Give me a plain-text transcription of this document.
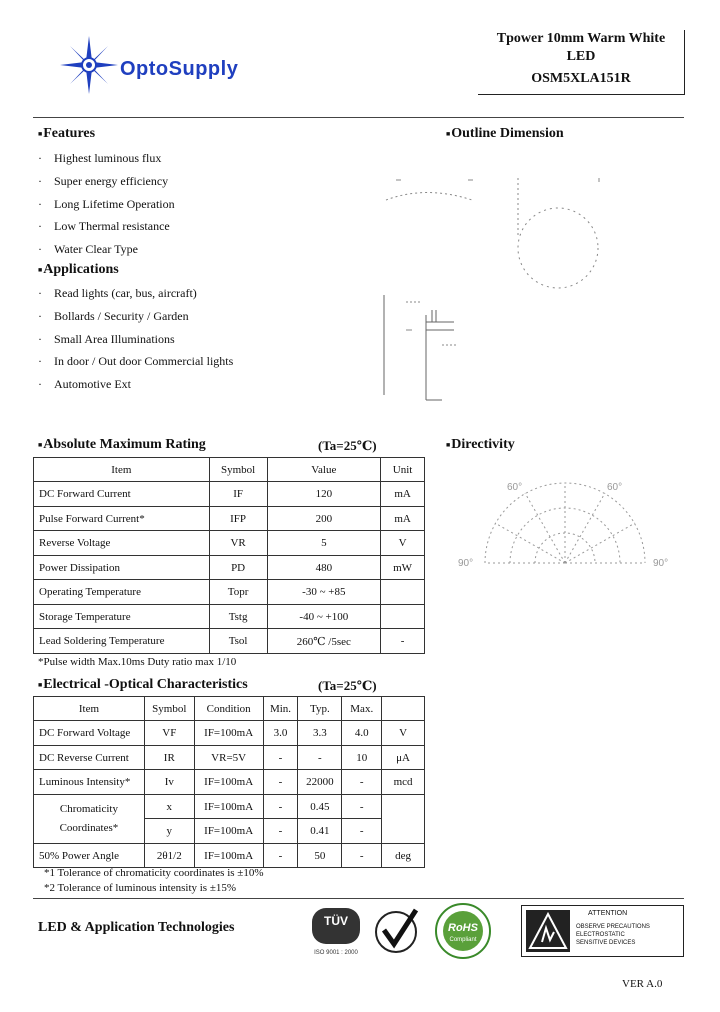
OptoSupply
Tpower 10mm Warm White
LED
OSM5XLA151R
■Features
· Highest luminous flux
· Super energy efficiency
· Long Lifetime Operation
· Low Thermal resistance
· Water Clear Type
■Applications
· Read lights (car, bus, aircraft)
· Bollards / Security / Garden
· Small Area Illuminations
· In door / Out door Commercial lights
· Automotive Ext
■Outline Dimension
■Absolute Maximum Rating	(Ta=25℃)
Item	Symbol	Value	Unit
DC Forward Current	IF	120	mA
Pulse Forward Current*	IFP	200	mA
Reverse Voltage	VR	5	V
Power Dissipation	PD	480	mW
Operating Temperature	Topr	-30 ~ +85	
Storage Temperature	Tstg	-40 ~ +100	
Lead Soldering Temperature	Tsol	260℃ /5sec	-
*Pulse width Max.10ms Duty ratio max 1/10
■Directivity
90°	90°
60°	60°
■Electrical -Optical Characteristics	(Ta=25℃)
Item	Symbol	Condition	Min.	Typ.	Max.	
DC Forward Voltage	VF	IF=100mA	3.0	3.3	4.0	V
DC Reverse Current	IR	VR=5V	-	-	10	μA
Luminous Intensity*	Iv	IF=100mA	-	22000	-	mcd

Chromaticity
Coordinates*	x	IF=100mA	-	0.45	-	
	y	IF=100mA	-	0.41	-	
50% Power Angle	2θ1/2	IF=100mA	-	50	-	deg
*1 Tolerance of chromaticity coordinates is ±10%
*2 Tolerance of luminous intensity is ±15%
LED & Application Technologies	TÜV
ISO 9001 : 2000
RoHS
Compliant
ATTENTION
OBSERVE PRECAUTIONS
ELECTROSTATIC
SENSITIVE DEVICES
VER A.0
